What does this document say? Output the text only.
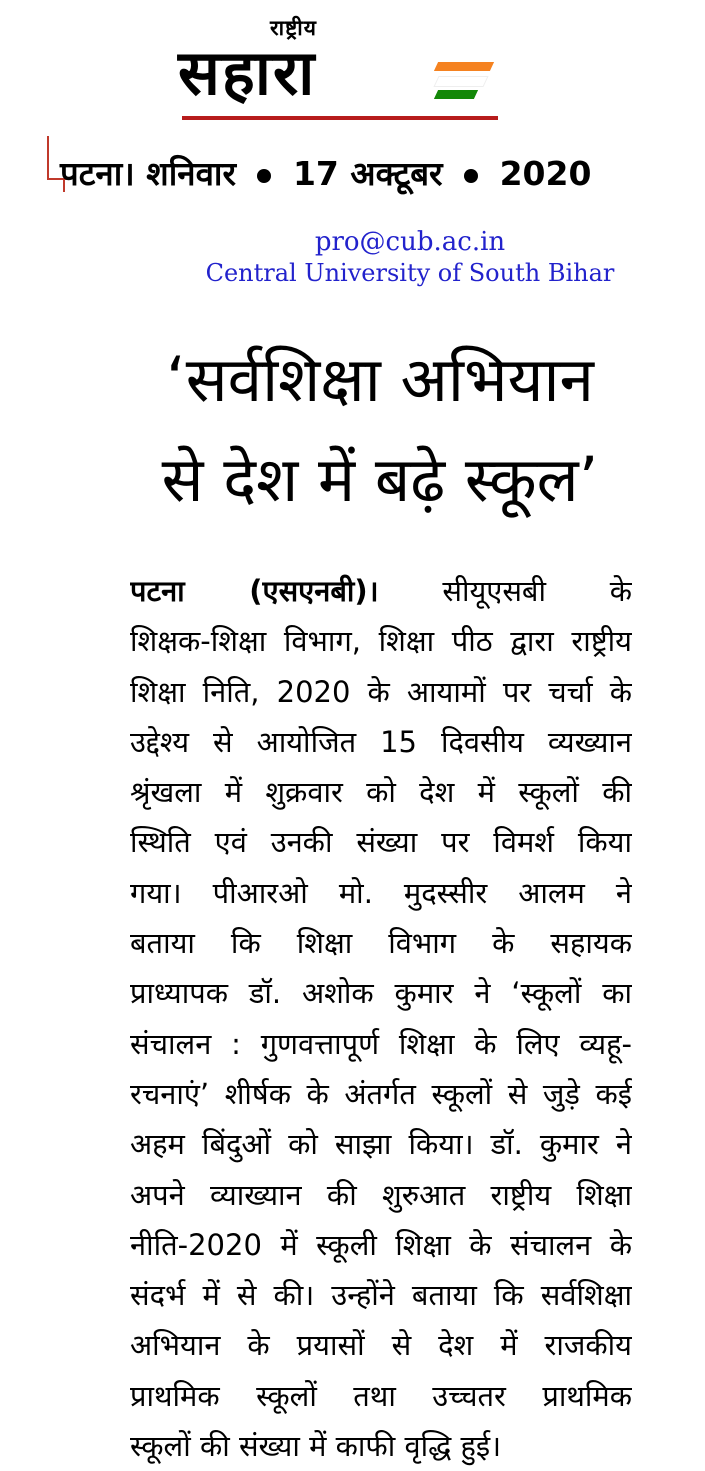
राष्ट्रीय
सहारा
पटना। शनिवार 17 अक्टूबर 2020
pro@cub.ac.in
Central University of South Bihar
‘सर्वशिक्षा अभियान
से देश में बढ़े स्कूल’
पटना (एसएनबी)। सीयूएसबी के
शिक्षक-शिक्षा विभाग, शिक्षा पीठ द्वारा राष्ट्रीय
शिक्षा निति, 2020 के आयामों पर चर्चा के
उद्देश्य से आयोजित 15 दिवसीय व्यख्यान
श्रृंखला में शुक्रवार को देश में स्कूलों की
स्थिति एवं उनकी संख्या पर विमर्श किया
गया। पीआरओ मो. मुदस्सीर आलम ने
बताया कि शिक्षा विभाग के सहायक
प्राध्यापक डॉ. अशोक कुमार ने ‘स्कूलों का
संचालन : गुणवत्तापूर्ण शिक्षा के लिए व्यहू-
रचनाएं’ शीर्षक के अंतर्गत स्कूलों से जुड़े कई
अहम बिंदुओं को साझा किया। डॉ. कुमार ने
अपने व्याख्यान की शुरुआत राष्ट्रीय शिक्षा
नीति-2020 में स्कूली शिक्षा के संचालन के
संदर्भ में से की। उन्होंने बताया कि सर्वशिक्षा
अभियान के प्रयासों से देश में राजकीय
प्राथमिक स्कूलों तथा उच्चतर प्राथमिक
स्कूलों की संख्या में काफी वृद्धि हुई।
